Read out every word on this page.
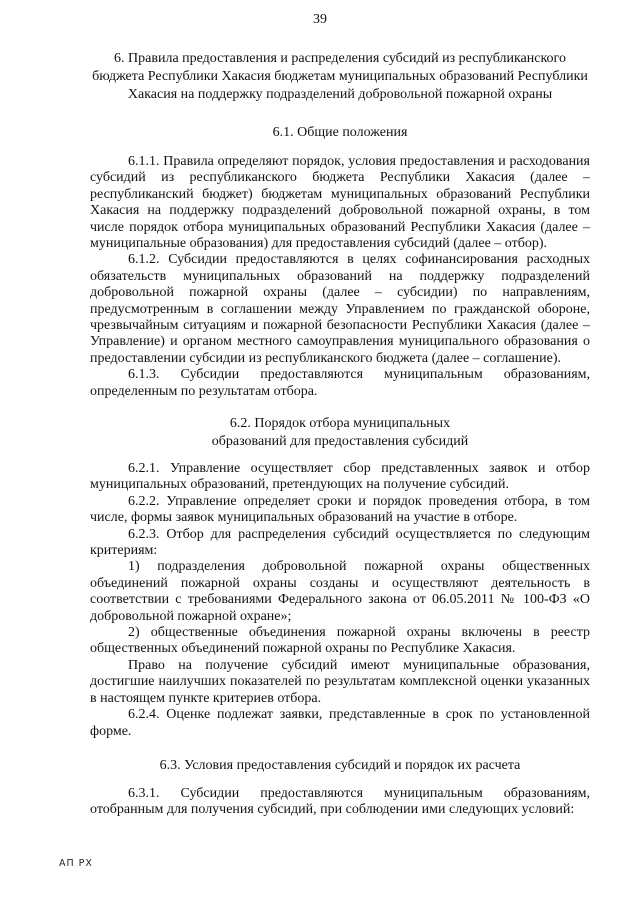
39
6. Правила предоставления и распределения субсидий из республиканского бюджета Республики Хакасия бюджетам муниципальных образований Республики Хакасия на поддержку подразделений добровольной пожарной охраны
6.1. Общие положения

6.1.1. Правила определяют порядок, условия предоставления и расходования субсидий из республиканского бюджета Республики Хакасия (далее – республиканский бюджет) бюджетам муниципальных образований Республики Хакасия на поддержку подразделений добровольной пожарной охраны, в том числе порядок отбора муниципальных образований Республики Хакасия (далее – муниципальные образования) для предоставления субсидий (далее – отбор).

6.1.2. Субсидии предоставляются в целях софинансирования расходных обязательств муниципальных образований на поддержку подразделений добровольной пожарной охраны (далее – субсидии) по направлениям, предусмотренным в соглашении между Управлением по гражданской обороне, чрезвычайным ситуациям и пожарной безопасности Республики Хакасия (далее – Управление) и органом местного самоуправления муниципального образования о предоставлении субсидии из республиканского бюджета (далее – соглашение).

6.1.3. Субсидии предоставляются муниципальным образованиям, определенным по результатам отбора.

6.2. Порядок отбора муниципальных
образований для предоставления субсидий

6.2.1. Управление осуществляет сбор представленных заявок и отбор муниципальных образований, претендующих на получение субсидий.

6.2.2. Управление определяет сроки и порядок проведения отбора, в том числе, формы заявок муниципальных образований на участие в отборе.

6.2.3. Отбор для распределения субсидий осуществляется по следующим критериям:

1) подразделения добровольной пожарной охраны общественных объединений пожарной охраны созданы и осуществляют деятельность в соответствии с требованиями Федерального закона от 06.05.2011 № 100-ФЗ «О добровольной пожарной охране»;

2) общественные объединения пожарной охраны включены в реестр общественных объединений пожарной охраны по Республике Хакасия.

Право на получение субсидий имеют муниципальные образования, достигшие наилучших показателей по результатам комплексной оценки указанных в настоящем пункте критериев отбора.

6.2.4. Оценке подлежат заявки, представленные в срок по установленной форме.

6.3. Условия предоставления субсидий и порядок их расчета

6.3.1. Субсидии предоставляются муниципальным образованиям, отобранным для получения субсидий, при соблюдении ими следующих условий:

АП РХ
